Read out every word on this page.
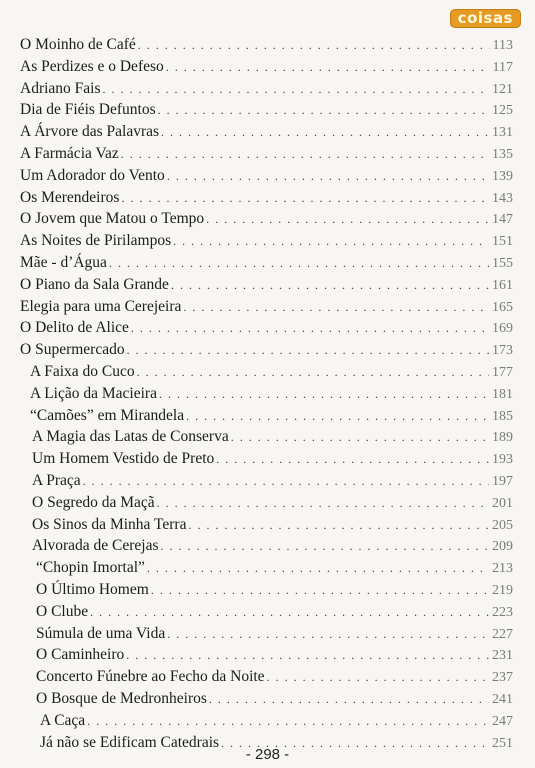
coisas
O Moinho de Café . . .	113
As Perdizes e o Defeso . . .	117
Adriano Fais . . .	121
Dia de Fiéis Defuntos . . .	125
A Árvore das Palavras . . .	131
A Farmácia Vaz . . .	135
Um Adorador do Vento . . .	139
Os Merendeiros . . .	143
O Jovem que Matou o Tempo . . .	147
As Noites de Pirilampos . . .	151
Mãe - d’Água . . .	155
O Piano da Sala Grande . . .	161
Elegia para uma Cerejeira . . .	165
O Delito de Alice . . .	169
O Supermercado . . .	173
A Faixa do Cuco . . .	177
A Lição da Macieira . . .	181
“Camões” em Mirandela . . .	185
A Magia das Latas de Conserva . . .	189
Um Homem Vestido de Preto . . .	193
A Praça . . .	197
O Segredo da Maçã . . .	201
Os Sinos da Minha Terra . . .	205
Alvorada de Cerejas . . .	209
“Chopin Imortal” . . .	213
O Último Homem . . .	219
O Clube . . .	223
Súmula de uma Vida . . .	227
O Caminheiro . . .	231
Concerto Fúnebre ao Fecho da Noite . . .	237
O Bosque de Medronheiros . . .	241
A Caça . . .	247
Já não se Edificam Catedrais . . .	251
- 298 -
